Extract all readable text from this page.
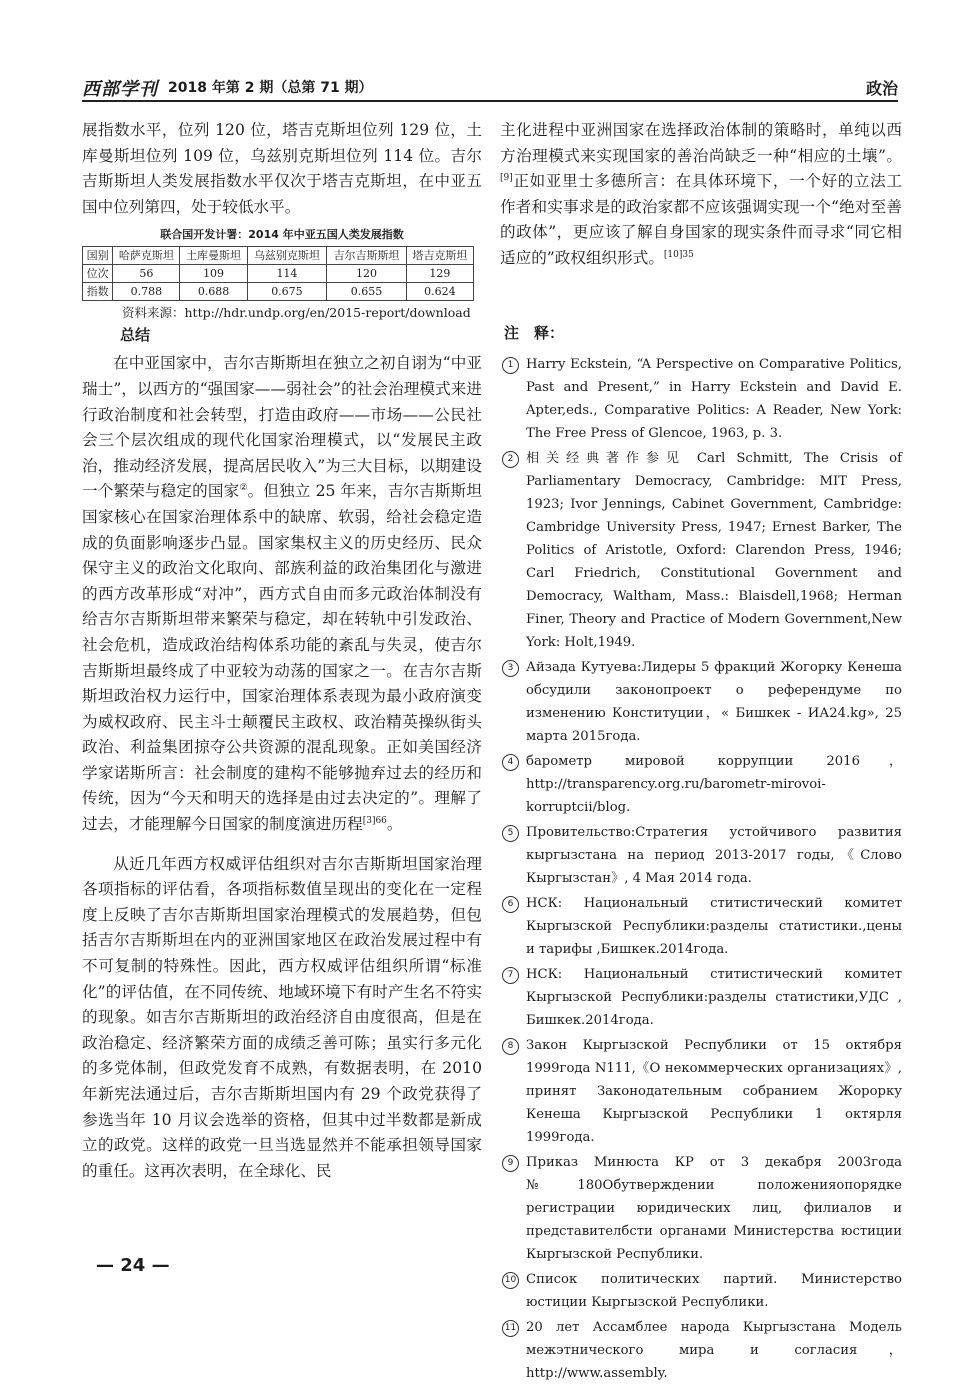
西部学刊 2018 年第 2 期（总第 71 期）	政治

展指数水平，位列 120 位，塔吉克斯坦位列 129 位，土库曼斯坦位列 109 位，乌兹别克斯坦位列 114 位。吉尔吉斯斯坦人类发展指数水平仅次于塔吉克斯坦，在中亚五国中位列第四，处于较低水平。

联合国开发计署：2014 年中亚五国人类发展指数
国别	哈萨克斯坦	土库曼斯坦	乌兹别克斯坦	吉尔吉斯斯坦	塔吉克斯坦
位次	56	109	114	120	129
指数	0.788	0.688	0.675	0.655	0.624
资料来源：http://hdr.undp.org/en/2015-report/download
总结

在中亚国家中，吉尔吉斯斯坦在独立之初自诩为“中亚瑞士”，以西方的“强国家——弱社会”的社会治理模式来进行政治制度和社会转型，打造由政府——市场——公民社会三个层次组成的现代化国家治理模式，以“发展民主政治，推动经济发展，提高居民收入”为三大目标，以期建设一个繁荣与稳定的国家②。但独立 25 年来，吉尔吉斯斯坦国家核心在国家治理体系中的缺席、软弱，给社会稳定造成的负面影响逐步凸显。国家集权主义的历史经历、民众保守主义的政治文化取向、部族利益的政治集团化与激进的西方改革形成“对冲”，西方式自由而多元政治体制没有给吉尔吉斯斯坦带来繁荣与稳定，却在转轨中引发政治、社会危机，造成政治结构体系功能的紊乱与失灵，使吉尔吉斯斯坦最终成了中亚较为动荡的国家之一。在吉尔吉斯斯坦政治权力运行中，国家治理体系表现为最小政府演变为威权政府、民主斗士颠覆民主政权、政治精英操纵街头政治、利益集团掠夺公共资源的混乱现象。正如美国经济学家诺斯所言：社会制度的建构不能够抛弃过去的经历和传统，因为“今天和明天的选择是由过去决定的”。理解了过去，才能理解今日国家的制度演进历程$^{[3]66}$。

从近几年西方权威评估组织对吉尔吉斯斯坦国家治理各项指标的评估看，各项指标数值呈现出的变化在一定程度上反映了吉尔吉斯斯坦国家治理模式的发展趋势，但包括吉尔吉斯斯坦在内的亚洲国家地区在政治发展过程中有不可复制的特殊性。因此，西方权威评估组织所谓“标准化”的评估值，在不同传统、地域环境下有时产生名不符实的现象。如吉尔吉斯斯坦的政治经济自由度很高，但是在政治稳定、经济繁荣方面的成绩乏善可陈；虽实行多元化的多党体制，但政党发育不成熟，有数据表明，在 2010 年新宪法通过后，吉尔吉斯斯坦国内有 29 个政党获得了参选当年 10 月议会选举的资格，但其中过半数都是新成立的政党。这样的政党一旦当选显然并不能承担领导国家的重任。这再次表明，在全球化、民

主化进程中亚洲国家在选择政治体制的策略时，单纯以西方治理模式来实现国家的善治尚缺乏一种“相应的土壤”。[9]正如亚里士多德所言：在具体环境下，一个好的立法工作者和实事求是的政治家都不应该强调实现一个“绝对至善的政体”，更应该了解自身国家的现实条件而寻求“同它相适应的”政权组织形式。$^{[10]35}$

注　释：
1 Harry Eckstein, “A Perspective on Comparative Politics, Past and Present,” in Harry Eckstein and David E. Apter,eds., Comparative Politics: A Reader, New York: The Free Press of Glencoe, 1963, p. 3.
2 相关经典著作参见 Carl Schmitt, The Crisis of Parliamentary Democracy, Cambridge: MIT Press, 1923; Ivor Jennings, Cabinet Government, Cambridge: Cambridge University Press, 1947; Ernest Barker, The Politics of Aristotle, Oxford: Clarendon Press, 1946; Carl Friedrich, Constitutional Government and Democracy, Waltham, Mass.: Blaisdell,1968; Herman Finer, Theory and Practice of Modern Government,New York: Holt,1949.
3 Айзада Кутуева:Лидеры 5 фракций Жогорку Кенеша обсудили законопроект о референдуме по изменению Конституции，« Бишкек - ИА24.kg», 25 марта 2015года.
4 барометр мировой коррупции 2016，http://transparency.org.ru/barometr-mirovoi-korruptcii/blog.
5 Провительство:Стратегия устойчивого развития кыргызстана на период 2013-2017 годы,《Слово Кыргызстан》, 4 Мая 2014 года.
6 НСК: Национальный ститистический комитет Кыргызской Республики:разделы статистики.,цены и тарифы ,Бишкек.2014года.
7 НСК: Национальный ститистический комитет Кыргызской Республики:разделы статистики,УДС , Бишкек.2014года.
8 Закон Кыргызской Республики от 15 октября 1999года N111,《О некоммерческих организациях》, принят Законодательным собранием Жорорку Кенеша Кыргызской Республики 1 октярля 1999года.
9 Приказ Минюста КР от 3 декабря 2003года №180Обутверждении положенияопорядке регистрации юридических лиц, филиалов и представителбсти органами Министерства юстиции Кыргызской Республики.
10 Список политических партий. Министерство юстиции Кыргызской Республики.
11 20 лет Ассамблее народа Кыргызстана Модель межэтнического мира и согласия，http://www.assembly.
— 24 —
